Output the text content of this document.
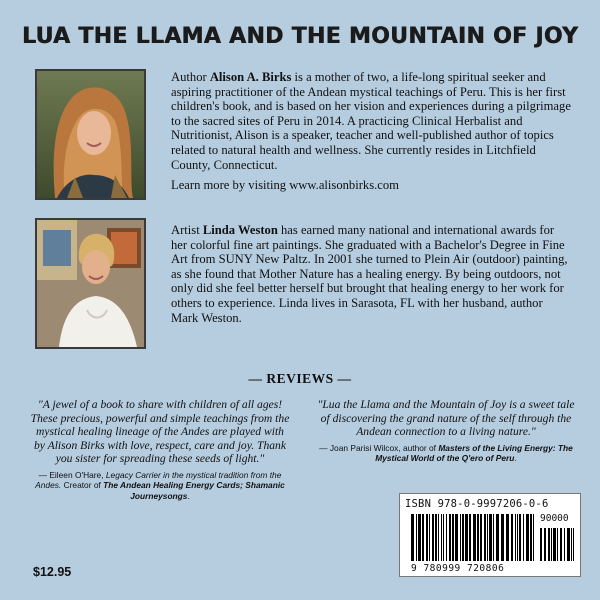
LUA THE LLAMA AND THE MOUNTAIN OF JOY
Author Alison A. Birks is a mother of two, a life-long spiritual seeker and aspiring practitioner of the Andean mystical teachings of Peru. This is her first children's book, and is based on her vision and experiences during a pilgrimage to the sacred sites of Peru in 2014. A practicing Clinical Herbalist and Nutritionist, Alison is a speaker, teacher and well-published author of topics related to natural health and wellness. She currently resides in Litchfield County, Connecticut.
Learn more by visiting www.alisonbirks.com
Artist Linda Weston has earned many national and international awards for her colorful fine art paintings. She graduated with a Bachelor's Degree in Fine Art from SUNY New Paltz. In 2001 she turned to Plein Air (outdoor) painting, as she found that Mother Nature has a healing energy. By being outdoors, not only did she feel better herself but brought that healing energy to her work for others to experience. Linda lives in Sarasota, FL with her husband, author Mark Weston.
— REVIEWS —
"A jewel of a book to share with children of all ages! These precious, powerful and simple teachings from the mystical healing lineage of the Andes are played with by Alison Birks with love, respect, care and joy. Thank you sister for spreading these seeds of light."
— Eileen O'Hare, Legacy Carrier in the mystical tradition from the Andes. Creator of The Andean Healing Energy Cards; Shamanic Journeysongs.
"Lua the Llama and the Mountain of Joy is a sweet tale of discovering the grand nature of the self through the Andean connection to a living nature."
— Joan Parisi Wilcox, author of Masters of the Living Energy: The Mystical World of the Q'ero of Peru.
$12.95
ISBN 978-0-9997206-0-6
90000
9 780999 720806
